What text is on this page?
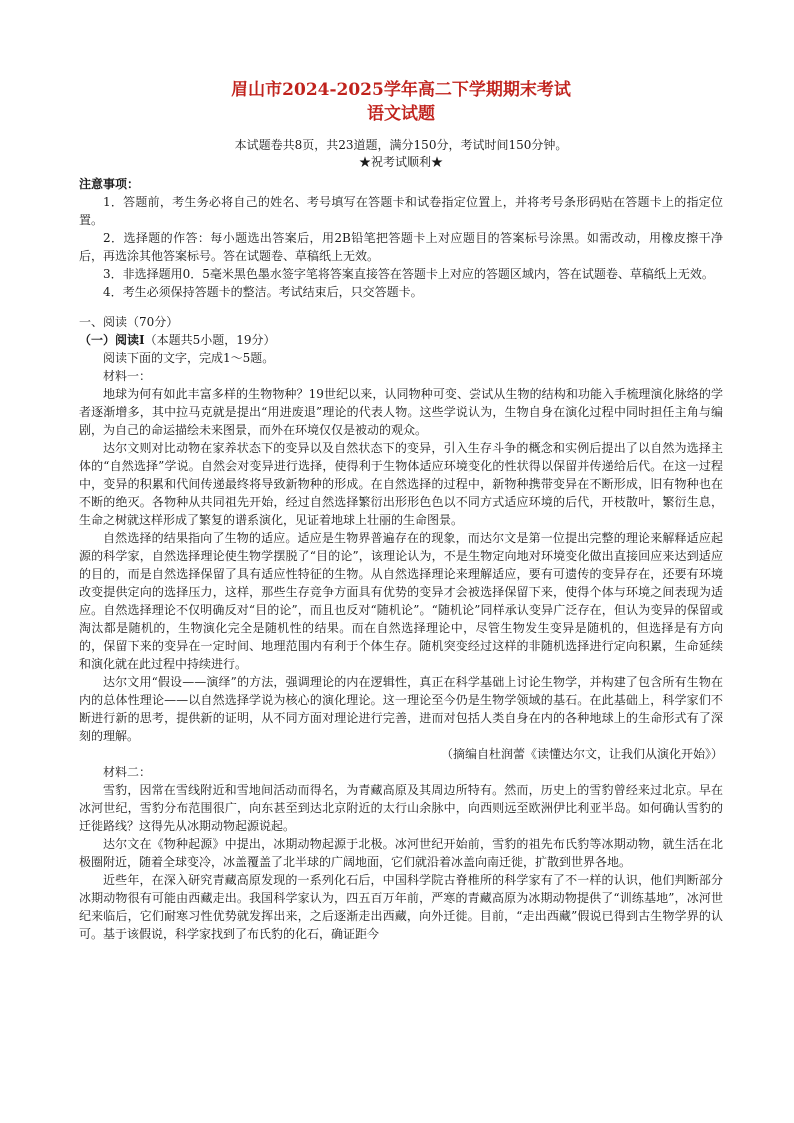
眉山市2024-2025学年高二下学期期末考试
语文试题
本试题卷共8页，共23道题，满分150分，考试时间150分钟。
★祝考试顺利★
注意事项：

1．答题前，考生务必将自己的姓名、考号填写在答题卡和试卷指定位置上，并将考号条形码贴在答题卡上的指定位置。

2．选择题的作答：每小题选出答案后，用2B铅笔把答题卡上对应题目的答案标号涂黑。如需改动，用橡皮擦干净后，再选涂其他答案标号。答在试题卷、草稿纸上无效。

3．非选择题用0．5毫米黑色墨水签字笔将答案直接答在答题卡上对应的答题区域内，答在试题卷、草稿纸上无效。

4．考生必须保持答题卡的整洁。考试结束后，只交答题卡。

一、阅读（70分）

（一）阅读Ⅰ（本题共5小题，19分）

阅读下面的文字，完成1～5题。

材料一：

地球为何有如此丰富多样的生物物种？19世纪以来，认同物种可变、尝试从生物的结构和功能入手梳理演化脉络的学者逐渐增多，其中拉马克就是提出“用进废退”理论的代表人物。这些学说认为，生物自身在演化过程中同时担任主角与编剧，为自己的命运描绘未来图景，而外在环境仅仅是被动的观众。

达尔文则对比动物在家养状态下的变异以及自然状态下的变异，引入生存斗争的概念和实例后提出了以自然为选择主体的“自然选择”学说。自然会对变异进行选择，使得利于生物体适应环境变化的性状得以保留并传递给后代。在这一过程中，变异的积累和代间传递最终将导致新物种的形成。在自然选择的过程中，新物种携带变异在不断形成，旧有物种也在不断的绝灭。各物种从共同祖先开始，经过自然选择繁衍出形形色色以不同方式适应环境的后代，开枝散叶，繁衍生息，生命之树就这样形成了繁复的谱系演化，见证着地球上壮丽的生命图景。

自然选择的结果指向了生物的适应。适应是生物界普遍存在的现象，而达尔文是第一位提出完整的理论来解释适应起源的科学家，自然选择理论使生物学摆脱了“目的论”，该理论认为，不是生物定向地对环境变化做出直接回应来达到适应的目的，而是自然选择保留了具有适应性特征的生物。从自然选择理论来理解适应，要有可遗传的变异存在，还要有环境改变提供定向的选择压力，这样，那些生存竞争方面具有优势的变异才会被选择保留下来，使得个体与环境之间表现为适应。自然选择理论不仅明确反对“目的论”，而且也反对“随机论”。“随机论”同样承认变异广泛存在，但认为变异的保留或淘汰都是随机的，生物演化完全是随机性的结果。而在自然选择理论中，尽管生物发生变异是随机的，但选择是有方向的，保留下来的变异在一定时间、地理范围内有利于个体生存。随机突变经过这样的非随机选择进行定向积累，生命延续和演化就在此过程中持续进行。

达尔文用“假设——演绎”的方法，强调理论的内在逻辑性，真正在科学基础上讨论生物学，并构建了包含所有生物在内的总体性理论——以自然选择学说为核心的演化理论。这一理论至今仍是生物学领域的基石。在此基础上，科学家们不断进行新的思考，提供新的证明，从不同方面对理论进行完善，进而对包括人类自身在内的各种地球上的生命形式有了深刻的理解。

（摘编自杜润蕾《读懂达尔文，让我们从演化开始》）

材料二：

雪豹，因常在雪线附近和雪地间活动而得名，为青藏高原及其周边所特有。然而，历史上的雪豹曾经来过北京。早在冰河世纪，雪豹分布范围很广，向东甚至到达北京附近的太行山余脉中，向西则远至欧洲伊比利亚半岛。如何确认雪豹的迁徙路线？这得先从冰期动物起源说起。

达尔文在《物种起源》中提出，冰期动物起源于北极。冰河世纪开始前，雪豹的祖先布氏豹等冰期动物，就生活在北极圈附近，随着全球变冷，冰盖覆盖了北半球的广阔地面，它们就沿着冰盖向南迁徙，扩散到世界各地。

近些年，在深入研究青藏高原发现的一系列化石后，中国科学院古脊椎所的科学家有了不一样的认识，他们判断部分冰期动物很有可能由西藏走出。我国科学家认为，四五百万年前，严寒的青藏高原为冰期动物提供了“训练基地”，冰河世纪来临后，它们耐寒习性优势就发挥出来，之后逐渐走出西藏，向外迁徙。目前，“走出西藏”假说已得到古生物学界的认可。基于该假说，科学家找到了布氏豹的化石，确证距今
